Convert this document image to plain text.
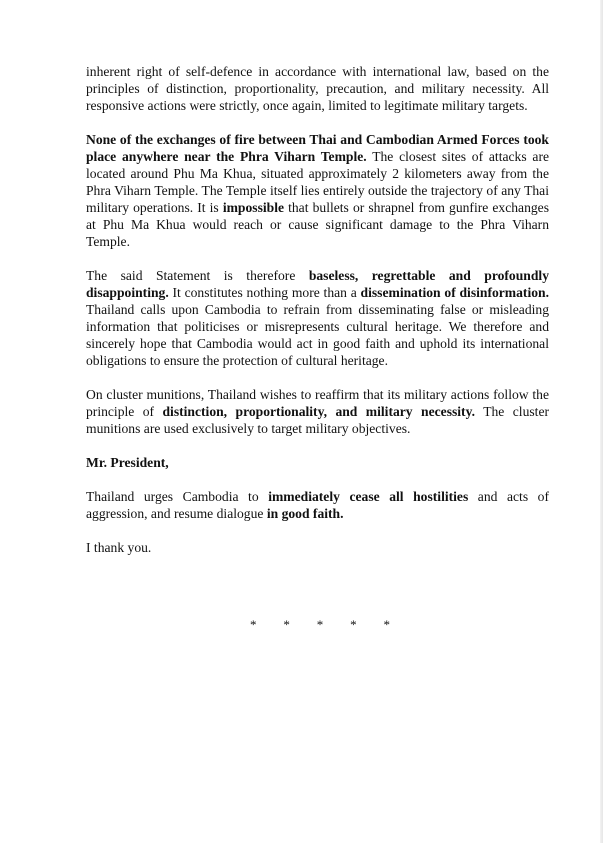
inherent right of self-defence in accordance with international law, based on the principles of distinction, proportionality, precaution, and military necessity. All responsive actions were strictly, once again, limited to legitimate military targets.

None of the exchanges of fire between Thai and Cambodian Armed Forces took place anywhere near the Phra Viharn Temple. The closest sites of attacks are located around Phu Ma Khua, situated approximately 2 kilometers away from the Phra Viharn Temple. The Temple itself lies entirely outside the trajectory of any Thai military operations. It is impossible that bullets or shrapnel from gunfire exchanges at Phu Ma Khua would reach or cause significant damage to the Phra Viharn Temple.

The said Statement is therefore baseless, regrettable and profoundly disappointing. It constitutes nothing more than a dissemination of disinformation. Thailand calls upon Cambodia to refrain from disseminating false or misleading information that politicises or misrepresents cultural heritage. We therefore and sincerely hope that Cambodia would act in good faith and uphold its international obligations to ensure the protection of cultural heritage.

On cluster munitions, Thailand wishes to reaffirm that its military actions follow the principle of distinction, proportionality, and military necessity. The cluster munitions are used exclusively to target military objectives.

Mr. President,

Thailand urges Cambodia to immediately cease all hostilities and acts of aggression, and resume dialogue in good faith.

I thank you.

* * * * *
